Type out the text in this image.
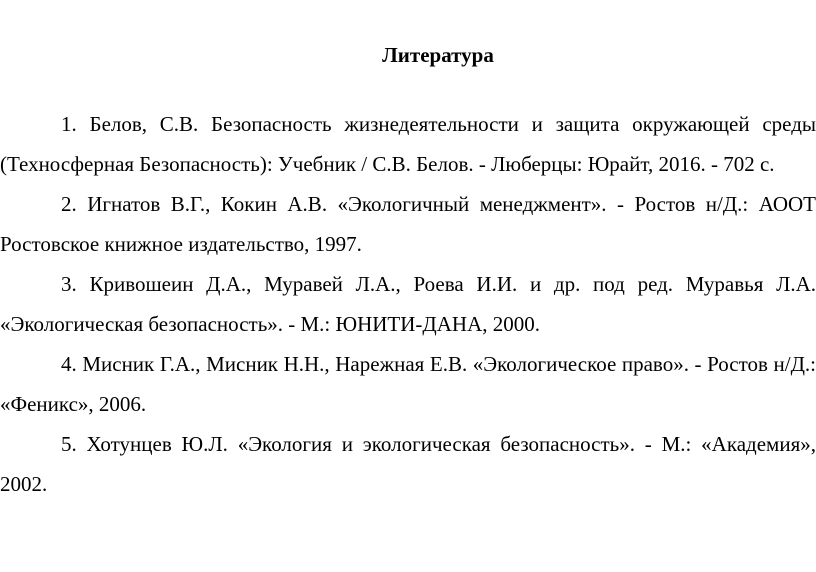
Литература
1. Белов, С.В. Безопасность жизнедеятельности и защита окружающей среды (Техносферная Безопасность): Учебник / С.В. Белов. - Люберцы: Юрайт, 2016. - 702 с.
2. Игнатов В.Г., Кокин А.В. «Экологичный менеджмент». - Ростов н/Д.: АООТ Ростовское книжное издательство, 1997.
3. Кривошеин Д.А., Муравей Л.А., Роева И.И. и др. под ред. Муравья Л.А. «Экологическая безопасность». - М.: ЮНИТИ-ДАНА, 2000.
4. Мисник Г.А., Мисник Н.Н., Нарежная Е.В. «Экологическое право». - Ростов н/Д.: «Феникс», 2006.
5. Хотунцев Ю.Л. «Экология и экологическая безопасность». - М.: «Академия», 2002.
